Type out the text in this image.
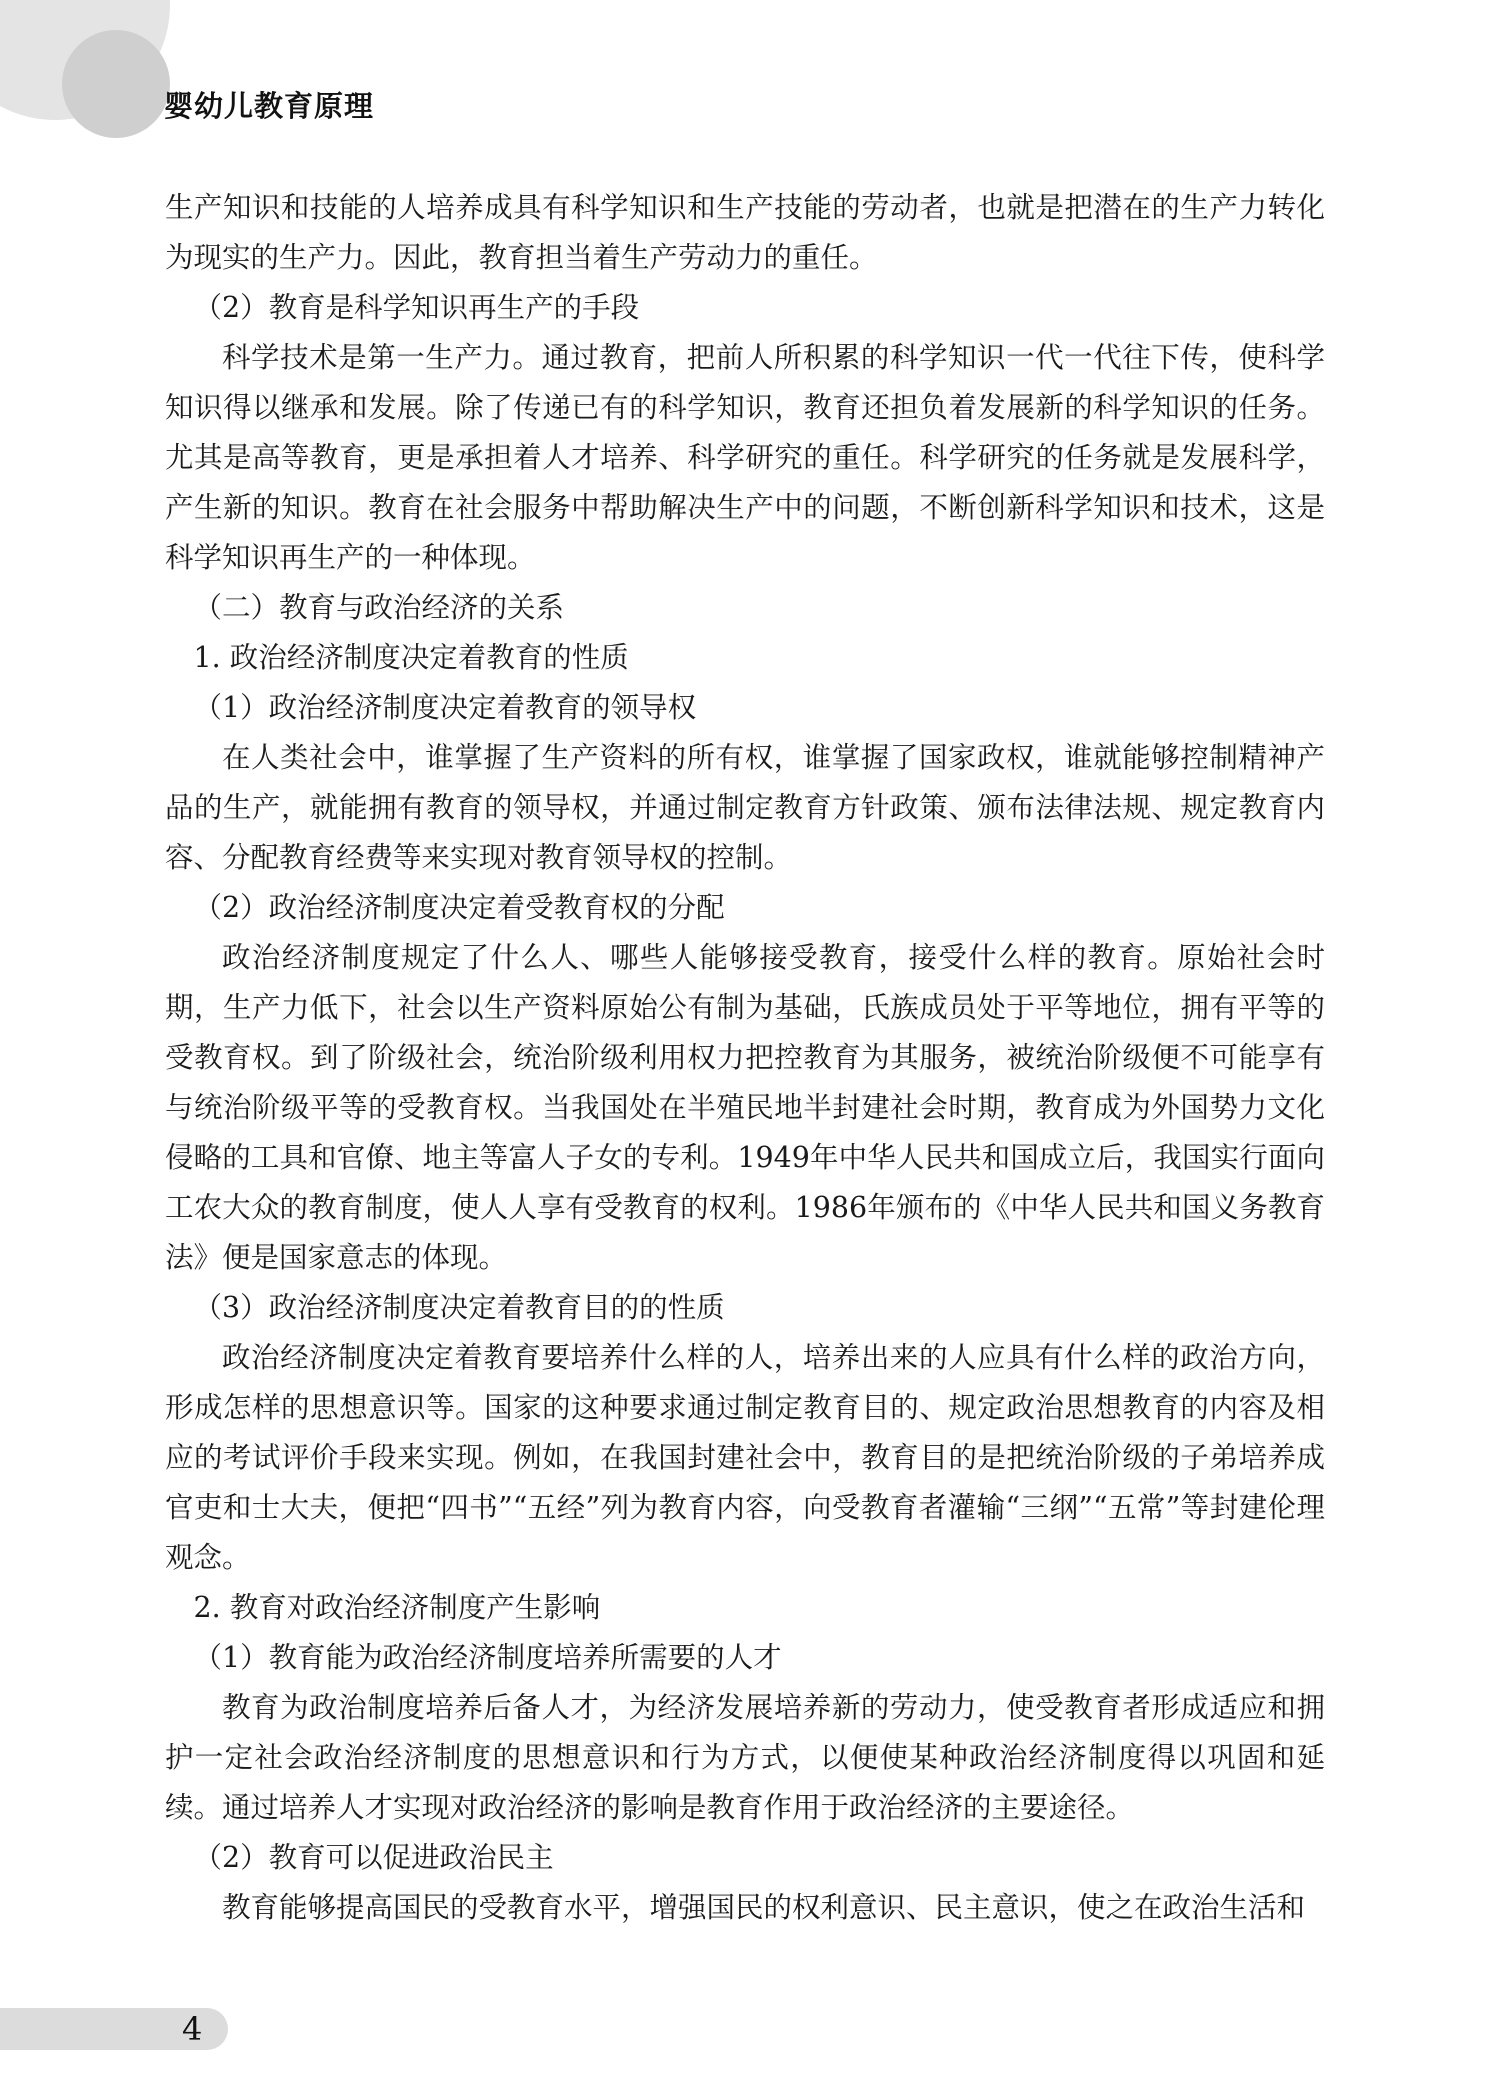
婴幼儿教育原理

生产知识和技能的人培养成具有科学知识和生产技能的劳动者，也就是把潜在的生产力转化为现实的生产力。因此，教育担当着生产劳动力的重任。

（2）教育是科学知识再生产的手段

科学技术是第一生产力。通过教育，把前人所积累的科学知识一代一代往下传，使科学知识得以继承和发展。除了传递已有的科学知识，教育还担负着发展新的科学知识的任务。尤其是高等教育，更是承担着人才培养、科学研究的重任。科学研究的任务就是发展科学，产生新的知识。教育在社会服务中帮助解决生产中的问题，不断创新科学知识和技术，这是科学知识再生产的一种体现。

（二）教育与政治经济的关系

1. 政治经济制度决定着教育的性质

（1）政治经济制度决定着教育的领导权

在人类社会中，谁掌握了生产资料的所有权，谁掌握了国家政权，谁就能够控制精神产品的生产，就能拥有教育的领导权，并通过制定教育方针政策、颁布法律法规、规定教育内容、分配教育经费等来实现对教育领导权的控制。

（2）政治经济制度决定着受教育权的分配

政治经济制度规定了什么人、哪些人能够接受教育，接受什么样的教育。原始社会时期，生产力低下，社会以生产资料原始公有制为基础，氏族成员处于平等地位，拥有平等的受教育权。到了阶级社会，统治阶级利用权力把控教育为其服务，被统治阶级便不可能享有与统治阶级平等的受教育权。当我国处在半殖民地半封建社会时期，教育成为外国势力文化侵略的工具和官僚、地主等富人子女的专利。1949年中华人民共和国成立后，我国实行面向工农大众的教育制度，使人人享有受教育的权利。1986年颁布的《中华人民共和国义务教育法》便是国家意志的体现。

（3）政治经济制度决定着教育目的的性质

政治经济制度决定着教育要培养什么样的人，培养出来的人应具有什么样的政治方向，形成怎样的思想意识等。国家的这种要求通过制定教育目的、规定政治思想教育的内容及相应的考试评价手段来实现。例如，在我国封建社会中，教育目的是把统治阶级的子弟培养成官吏和士大夫，便把“四书”“五经”列为教育内容，向受教育者灌输“三纲”“五常”等封建伦理观念。

2. 教育对政治经济制度产生影响

（1）教育能为政治经济制度培养所需要的人才

教育为政治制度培养后备人才，为经济发展培养新的劳动力，使受教育者形成适应和拥护一定社会政治经济制度的思想意识和行为方式，以便使某种政治经济制度得以巩固和延续。通过培养人才实现对政治经济的影响是教育作用于政治经济的主要途径。

（2）教育可以促进政治民主

教育能够提高国民的受教育水平，增强国民的权利意识、民主意识，使之在政治生活和

4
